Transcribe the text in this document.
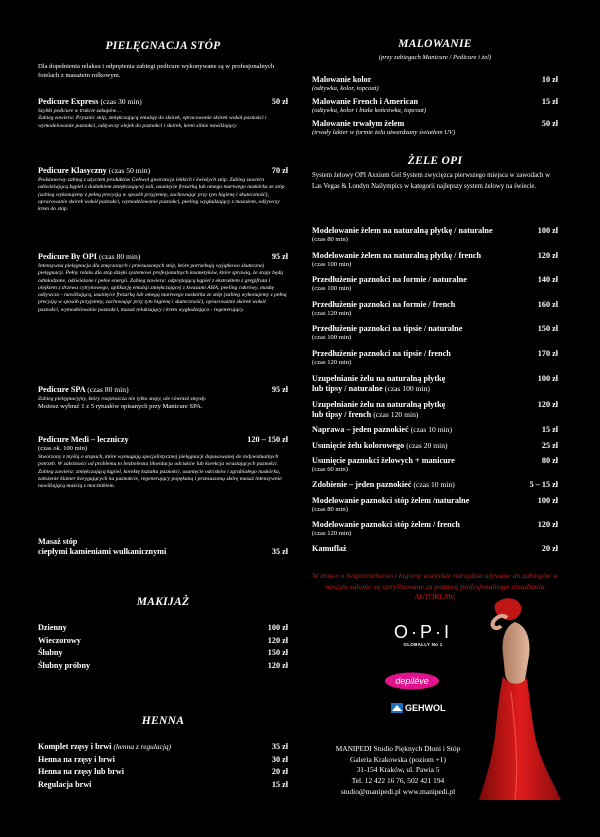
PIELĘGNACJA STÓP
Dla dopełnienia relaksu i odprężenia zabiegi pedicure wykonywane są w profesjonalnych fotelach z masażem rolkowym.
Pedicure Express (czas 30 min)	50 zł
Szybki pedicure w trakcie zakupów…
Zabieg zawiera: Prysznic stóp, zmiękczającą emulsję do skórek, opracowanie skórek wokół paznokci i wymodelowanie paznokci, odżywczy olejek do paznokci i skórek, krem silnie nawilżający.
Pedicure Klasyczny (czas 50 min)	70 zł
Podstawowy zabieg z użyciem produktów Gehwol gwarancja lekkich i świeżych stóp. Zabieg zawiera odświeżającą kąpiel z dodatkiem zmiękczającej soli, usunięcie frezarką lub omega martwego naskórka ze stóp (zabieg wykonujemy z pełną precyzją w sposób przyjemny, zachowując przy tym higienę i skuteczność), opracowanie skórek wokół paznokci, wymodelowanie paznokci, peeling wygładzający z masażem, odżywczy krem do stóp.
Pedicure By OPI (czas 80 min)	95 zł
Intensywna pielęgnacja dla zmęczonych i przesuszonych stóp, które potrzebują wyjątkowo skutecznej pielęgnacji. Pełny relaks dla stóp dzięki systemowi profesjonalnych kosmetyków, które sprawią, że stopy będą odmłodzone, odświeżone i pełne energii. Zabieg zawiera: odprężającą kąpiel z ekstraktem z grejpfruta i olejkiem z drzewa cytrynowego, aplikację emulsji zmiękczającej z kwasami AHA, peeling cukrowy, maskę odżywczo - nawilżającą, usunięcie frezarką lub omegą martwego naskórka ze stóp (zabieg wykonujemy z pełną precyzją w sposób przyjemny, zachowując przy tym higienę i skuteczność), opracowanie skórek wokół paznokci, wymodelowanie paznokci, masaż relaksujący i krem wygładzająco - regenerujący.
Pedicure SPA (czas 80 min)	95 zł
Zabieg pielęgnacyjny, który rozpieszcza nie tylko stopy, ale również zmysły.
Możesz wybrać 1 z 5 rytuałów opisanych przy Manicure SPA.
Pedicure Medi – leczniczy	120 – 150 zł
(czas ok. 100 min)
Stworzony z myślą o stopach, które wymagają specjalistycznej pielęgnacji dopasowanej do indywidualnych potrzeb. W zależności od problemu to bezbolesna likwidacja odcisków lub korekcja wrastających paznokci. Zabieg zawiera: zmiękczającą kąpiel, korektę kształtu paznokci, usunięcie odcisków i zgrubiałego naskórka, założenie klamer korygujących na paznokcie, regenerujący popękaną i przesuszoną skórę masaż intensywnie nawilżającą maścią z mocznikiem.
Masaż stóp
ciepłymi kamieniami wulkanicznymi	35 zł
MAKIJAŻ
Dzienny	100 zł
Wieczorowy	120 zł
Ślubny	150 zł
Ślubny próbny	120 zł
HENNA
Komplet rzęsy i brwi (henna z regulacją)	35 zł
Henna na rzęsy i brwi	30 zł
Henna na rzęsy lub brwi	20 zł
Regulacja brwi	15 zł
MALOWANIE
(przy zabiegach Manicure / Pedicure i żel)
Malowanie kolor	10 zł
(odżywka, kolor, topcoat)
Malowanie French i American	15 zł
(odżywka, kolor i biała końcówka, topcoat)
Malowanie trwałym żelem	50 zł
(trwały lakier w formie żelu utwardzany światłem UV)
ŻELE OPI
System żelowy OPI Axxium Gel System zwycięzca pierwszego miejsca w zawodach w Las Vegas & Londyn Nailympics w kategorii najlepszy system żelowy na świecie.
Modelowanie żelem na naturalną płytkę / naturalne	100 zł
(czas 80 min)
Modelowanie żelem na naturalną płytkę / french	120 zł
(czas 100 min)
Przedłużenie paznokci na formie / naturalne	140 zł
(czas 100 min)
Przedłużenie paznokci na formie / french	160 zł
(czas 120 min)
Przedłużenie paznokci na tipsie / naturalne	150 zł
(czas 100 min)
Przedłużenie paznokci na tipsie / french	170 zł
(czas 120 min)
Uzupełnianie żelu na naturalną płytkę	100 zł
lub tipsy / naturalne (czas 100 min)
Uzupełnianie żelu na naturalną płytkę	120 zł
lub tipsy / french (czas 120 min)
Naprawa – jeden paznokieć (czas 10 min)	15 zł
Usunięcie żelu kolorowego (czas 20 min)	25 zł
Usunięcie paznokci żelowych + manicure	80 zł
(czas 60 min)
Zdobienie – jeden paznokieć (czas 10 min)	5 – 15 zł
Modelowanie paznokci stóp żelem /naturalne	100 zł
(czas 80 min)
Modelowanie paznokci stóp żelem / french	120 zł
(czas 120 min)
Kamuflaż	20 zł
W trosce o bezpieczeństwo i higienę wszystkie narzędzia używane do zabiegów w naszym salonie są sterylizowane za pomocą profesjonalnego urządzenia AUTOKLAW.
O·P·I
GLOBALLY No 1
depiléve
GEHWOL
MANIPEDI Studio Pięknych Dłoni i Stóp
Galeria Krakowska (poziom +1)
31-154 Kraków, ul. Pawia 5
Tel. 12 422 16 76, 502 421 194
studio@manipedi.pl www.manipedi.pl
